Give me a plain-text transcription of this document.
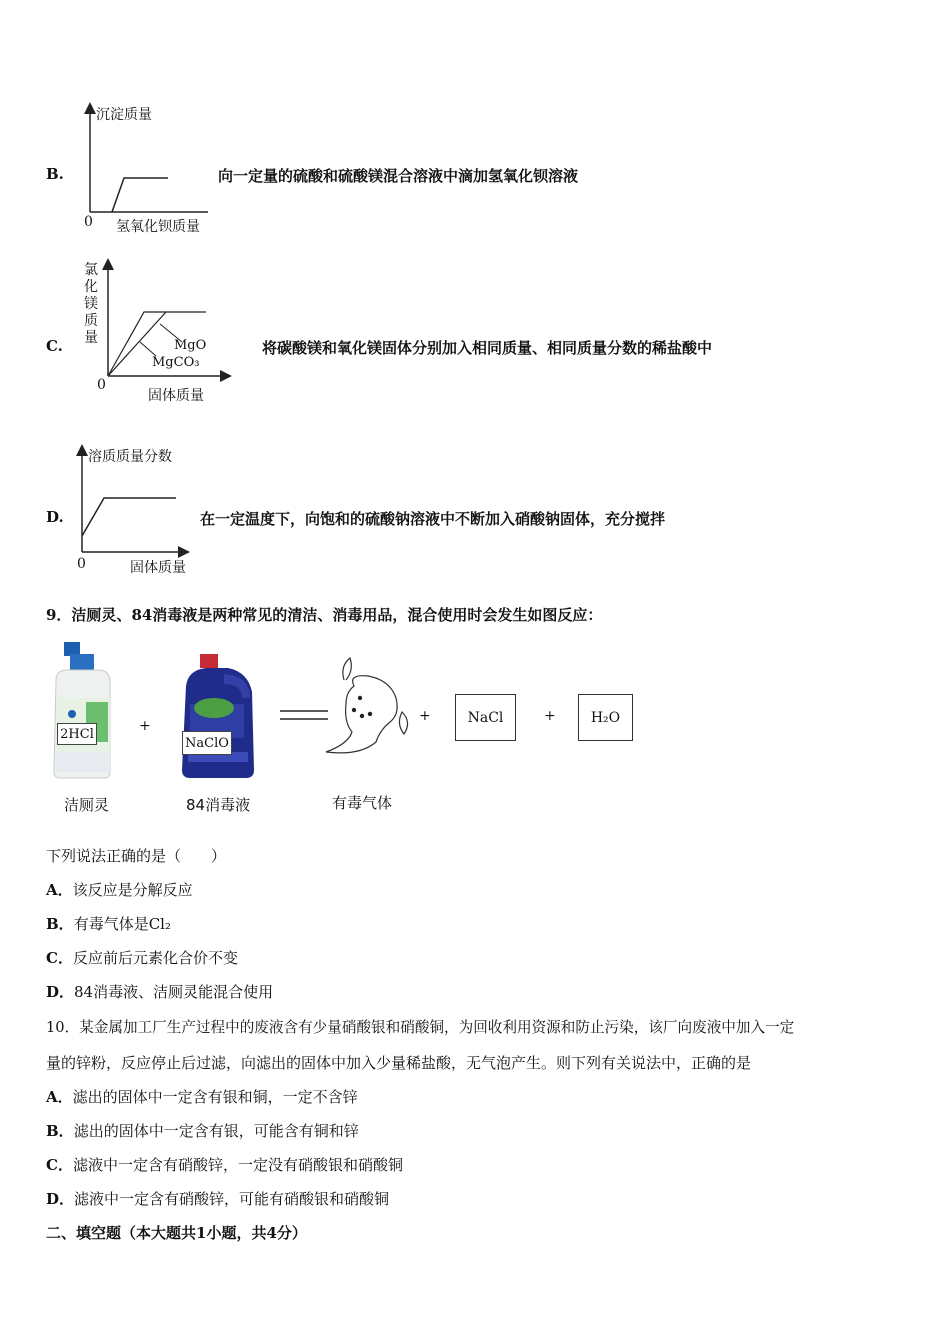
B.
沉淀质量
0 氢氧化钡质量
向一定量的硫酸和硫酸镁混合溶液中滴加氢氧化钡溶液
C.
氯化镁质量	MgO
MgCO₃
0
固体质量
将碳酸镁和氧化镁固体分别加入相同质量、相同质量分数的稀盐酸中
D.
溶质质量分数
0	固体质量
在一定温度下，向饱和的硫酸钠溶液中不断加入硝酸钠固体，充分搅拌
9．洁厕灵、84消毒液是两种常见的清洁、消毒用品，混合使用时会发生如图反应：
2HCl
洁厕灵
+
NaClO
84消毒液	有毒气体
+	NaCl	+	H₂O
下列说法正确的是（　　）
A．该反应是分解反应
B．有毒气体是Cl₂
C．反应前后元素化合价不变
D．84消毒液、洁厕灵能混合使用
10．某金属加工厂生产过程中的废液含有少量硝酸银和硝酸铜，为回收利用资源和防止污染，该厂向废液中加入一定
量的锌粉，反应停止后过滤，向滤出的固体中加入少量稀盐酸，无气泡产生。则下列有关说法中，正确的是
A．滤出的固体中一定含有银和铜，一定不含锌
B．滤出的固体中一定含有银，可能含有铜和锌
C．滤液中一定含有硝酸锌，一定没有硝酸银和硝酸铜
D．滤液中一定含有硝酸锌，可能有硝酸银和硝酸铜
二、填空题（本大题共1小题，共4分）
